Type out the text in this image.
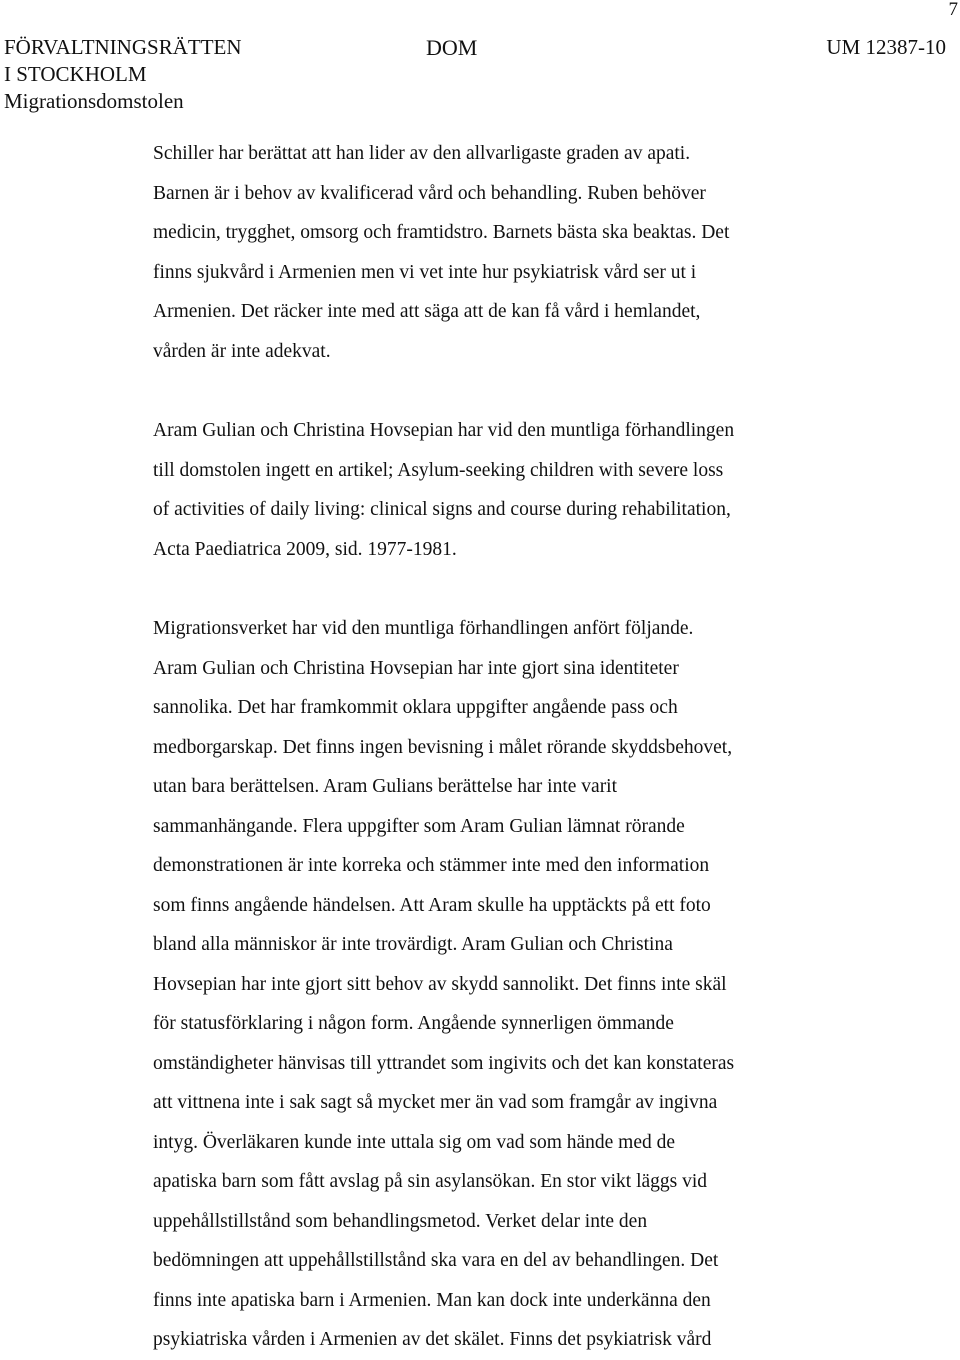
7
FÖRVALTNINGSRÄTTEN
I STOCKHOLM
Migrationsdomstolen
DOM	UM 12387-10

Schiller har berättat att han lider av den allvarligaste graden av apati.
Barnen är i behov av kvalificerad vård och behandling. Ruben behöver
medicin, trygghet, omsorg och framtidstro. Barnets bästa ska beaktas. Det
finns sjukvård i Armenien men vi vet inte hur psykiatrisk vård ser ut i
Armenien. Det räcker inte med att säga att de kan få vård i hemlandet,
vården är inte adekvat.

Aram Gulian och Christina Hovsepian har vid den muntliga förhandlingen
till domstolen ingett en artikel; Asylum-seeking children with severe loss
of activities of daily living: clinical signs and course during rehabilitation,
Acta Paediatrica 2009, sid. 1977-1981.

Migrationsverket har vid den muntliga förhandlingen anfört följande.
Aram Gulian och Christina Hovsepian har inte gjort sina identiteter
sannolika. Det har framkommit oklara uppgifter angående pass och
medborgarskap. Det finns ingen bevisning i målet rörande skyddsbehovet,
utan bara berättelsen. Aram Gulians berättelse har inte varit
sammanhängande. Flera uppgifter som Aram Gulian lämnat rörande
demonstrationen är inte korreka och stämmer inte med den information
som finns angående händelsen. Att Aram skulle ha upptäckts på ett foto
bland alla människor är inte trovärdigt. Aram Gulian och Christina
Hovsepian har inte gjort sitt behov av skydd sannolikt. Det finns inte skäl
för statusförklaring i någon form. Angående synnerligen ömmande
omständigheter hänvisas till yttrandet som ingivits och det kan konstateras
att vittnena inte i sak sagt så mycket mer än vad som framgår av ingivna
intyg. Överläkaren kunde inte uttala sig om vad som hände med de
apatiska barn som fått avslag på sin asylansökan. En stor vikt läggs vid
uppehållstillstånd som behandlingsmetod. Verket delar inte den
bedömningen att uppehållstillstånd ska vara en del av behandlingen. Det
finns inte apatiska barn i Armenien. Man kan dock inte underkänna den
psykiatriska vården i Armenien av det skälet. Finns det psykiatrisk vård
